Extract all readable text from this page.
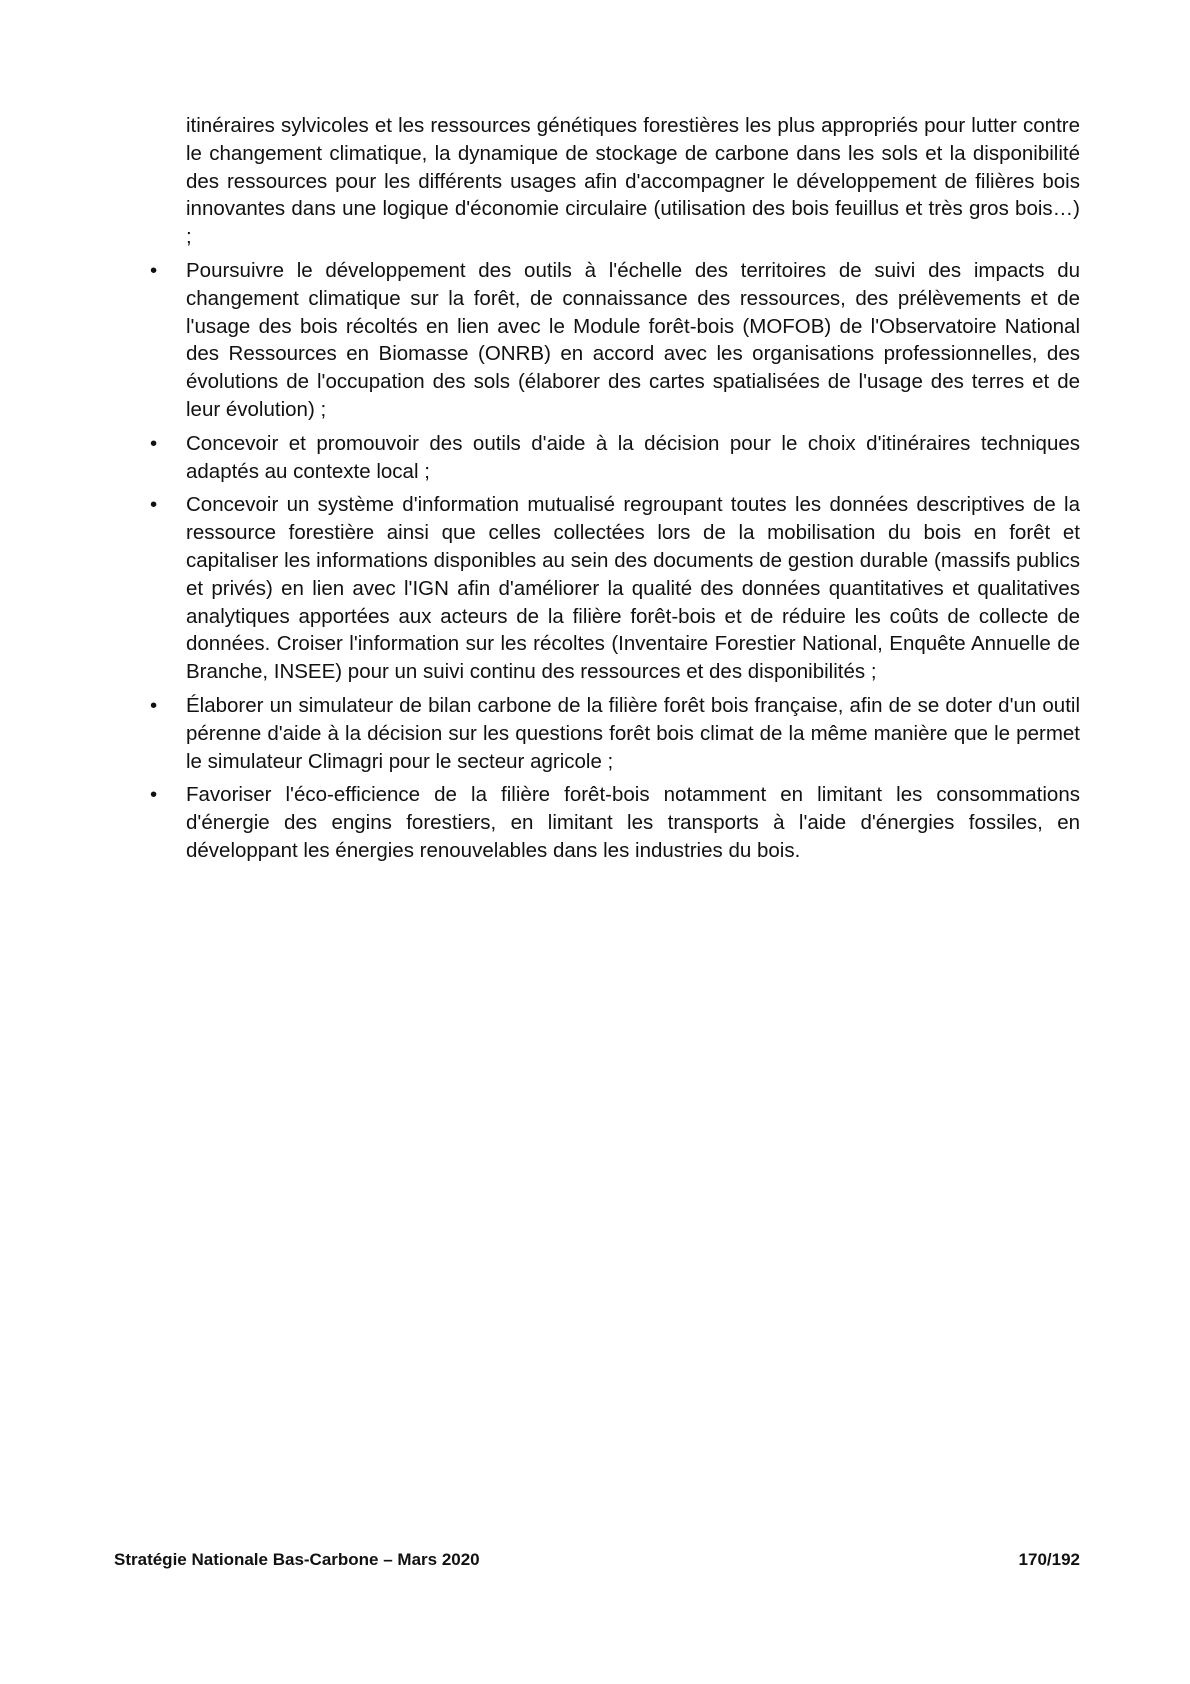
itinéraires sylvicoles et les ressources génétiques forestières les plus appropriés pour lutter contre le changement climatique, la dynamique de stockage de carbone dans les sols et la disponibilité des ressources pour les différents usages afin d'accompagner le développement de filières bois innovantes dans une logique d'économie circulaire (utilisation des bois feuillus et très gros bois…) ;

• Poursuivre le développement des outils à l'échelle des territoires de suivi des impacts du changement climatique sur la forêt, de connaissance des ressources, des prélèvements et de l'usage des bois récoltés en lien avec le Module forêt-bois (MOFOB) de l'Observatoire National des Ressources en Biomasse (ONRB) en accord avec les organisations professionnelles, des évolutions de l'occupation des sols (élaborer des cartes spatialisées de l'usage des terres et de leur évolution) ;

• Concevoir et promouvoir des outils d'aide à la décision pour le choix d'itinéraires techniques adaptés au contexte local ;

• Concevoir un système d'information mutualisé regroupant toutes les données descriptives de la ressource forestière ainsi que celles collectées lors de la mobilisation du bois en forêt et capitaliser les informations disponibles au sein des documents de gestion durable (massifs publics et privés) en lien avec l'IGN afin d'améliorer la qualité des données quantitatives et qualitatives analytiques apportées aux acteurs de la filière forêt-bois et de réduire les coûts de collecte de données. Croiser l'information sur les récoltes (Inventaire Forestier National, Enquête Annuelle de Branche, INSEE) pour un suivi continu des ressources et des disponibilités ;

• Élaborer un simulateur de bilan carbone de la filière forêt bois française, afin de se doter d'un outil pérenne d'aide à la décision sur les questions forêt bois climat de la même manière que le permet le simulateur Climagri pour le secteur agricole ;

• Favoriser l'éco-efficience de la filière forêt-bois notamment en limitant les consommations d'énergie des engins forestiers, en limitant les transports à l'aide d'énergies fossiles, en développant les énergies renouvelables dans les industries du bois.

Stratégie Nationale Bas-Carbone – Mars 2020	170/192
